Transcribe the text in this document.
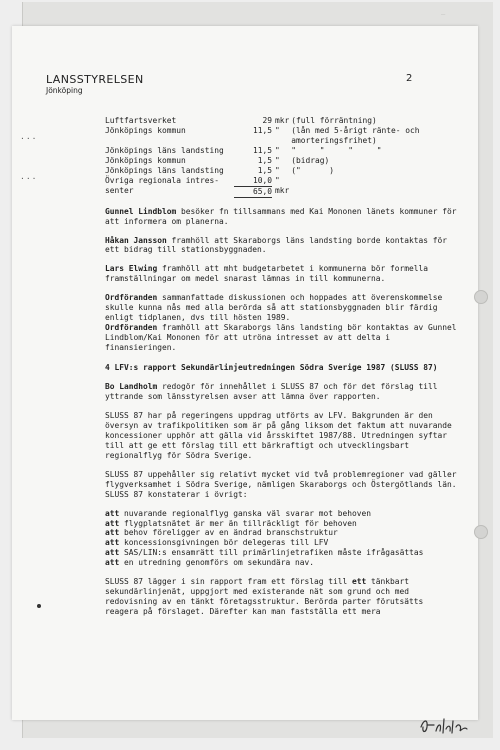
–
...
...
LANSSTYRELSEN
Jönköping
2
Luftfartsverket	29	mkr	(full förräntning)
Jönköpings kommun	11,5	"	(lån med 5-årigt ränte- och
			amorteringsfrihet)
Jönköpings läns landsting	11,5	"	"     "     "     "
Jönköpings kommun	1,5	"	(bidrag)
Jönköpings läns landsting	1,5	"	("      )
Övriga regionala intres-	10,0	"	
senter	65,0	mkr	

Gunnel Lindblom besöker fn tillsammans med Kai Mononen länets kommuner för att informera om planerna.

Håkan Jansson framhöll att Skaraborgs läns landsting borde kontaktas för ett bidrag till stationsbyggnaden.

Lars Elwing framhöll att mht budgetarbetet i kommunerna bör formella framställningar om medel snarast lämnas in till kommunerna.

Ordföranden sammanfattade diskussionen och hoppades att överenskommelse skulle kunna nås med alla berörda så att stationsbyggnaden blir färdig enligt tidplanen, dvs till hösten 1989.

Ordföranden framhöll att Skaraborgs läns landsting bör kontaktas av Gunnel Lindblom/Kai Mononen för att utröna intresset av att delta i finansieringen.

4 LFV:s rapport Sekundärlinjeutredningen Södra Sverige 1987 (SLUSS 87)

Bo Landholm redogör för innehållet i SLUSS 87 och för det förslag till yttrande som länsstyrelsen avser att lämna över rapporten.

SLUSS 87 har på regeringens uppdrag utförts av LFV. Bakgrunden är den översyn av trafikpolitiken som är på gång liksom det faktum att nuvarande koncessioner upphör att gälla vid årsskiftet 1987/88. Utredningen syftar till att ge ett förslag till ett bärkraftigt och utvecklingsbart regionalflyg för Södra Sverige.

SLUSS 87 uppehåller sig relativt mycket vid två problemregioner vad gäller flygverksamhet i Södra Sverige, nämligen Skaraborgs och Östergötlands län. SLUSS 87 konstaterar i övrigt:

att nuvarande regionalflyg ganska väl svarar mot behoven
att flygplatsnätet är mer än tillräckligt för behoven
att behov föreligger av en ändrad branschstruktur
att koncessionsgivningen bör delegeras till LFV
att SAS/LIN:s ensamrätt till primärlinjetrafiken måste ifrågasättas
att en utredning genomförs om sekundära nav.

SLUSS 87 lägger i sin rapport fram ett förslag till ett tänkbart sekundärlinjenät, uppgjort med existerande nät som grund och med redovisning av en tänkt företagsstruktur. Berörda parter förutsätts reagera på förslaget. Därefter kan man fastställa ett mera
